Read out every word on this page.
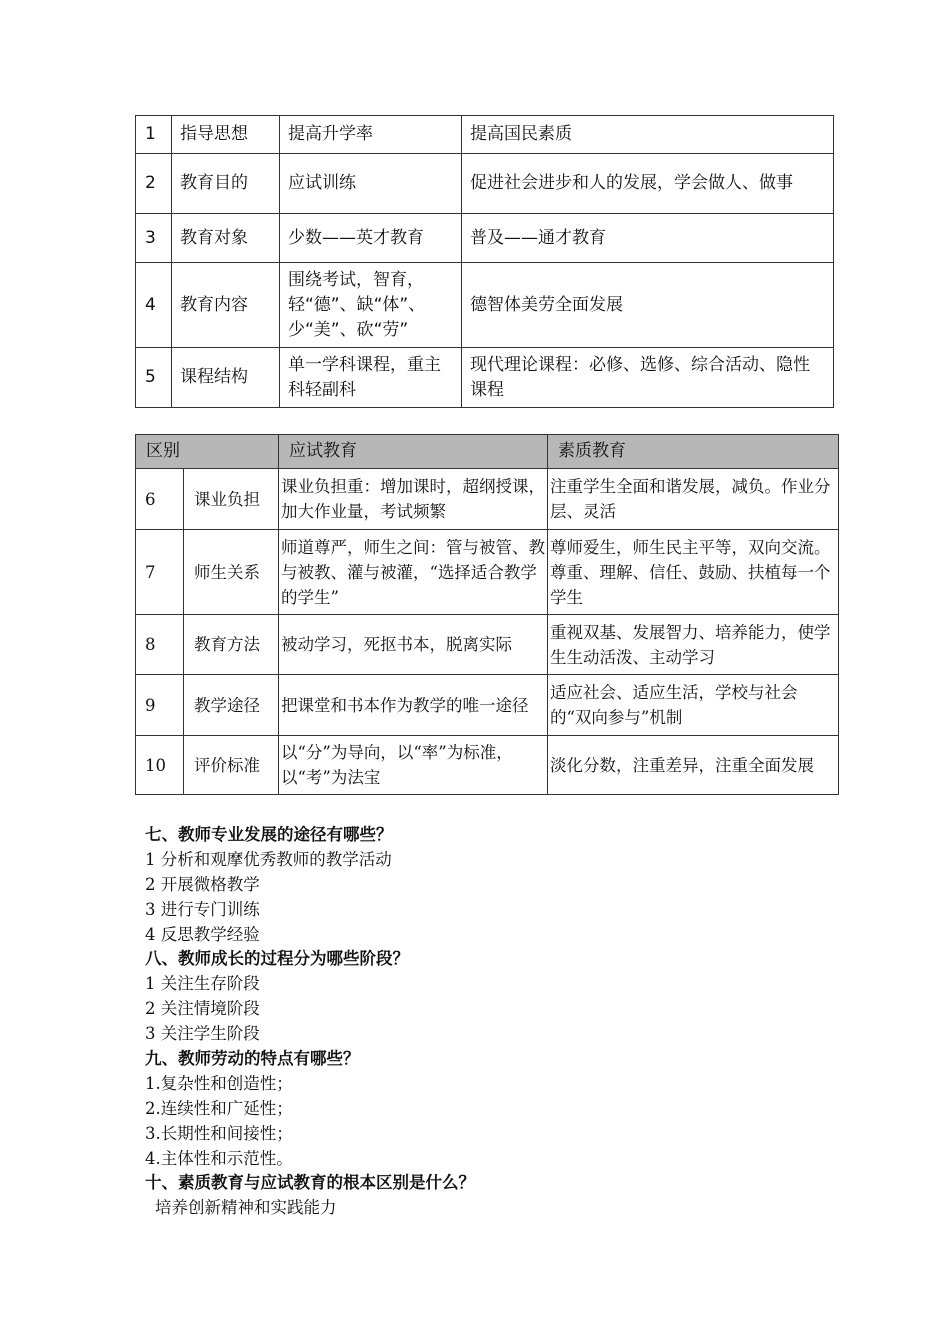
1	指导思想	提高升学率	提高国民素质
2	教育目的	应试训练	促进社会进步和人的发展，学会做人、做事
3	教育对象	少数——英才教育	普及——通才教育
4	教育内容	围绕考试，智育，轻“德”、缺“体”、少“美”、砍“劳”	德智体美劳全面发展
5	课程结构	单一学科课程，重主科轻副科	现代理论课程：必修、选修、综合活动、隐性课程
区别		应试教育	素质教育
6	课业负担	课业负担重：增加课时，超纲授课，加大作业量，考试频繁	注重学生全面和谐发展，减负。作业分层、灵活
7	师生关系	师道尊严，师生之间：管与被管、教与被教、灌与被灌，“选择适合教学的学生”	尊师爱生，师生民主平等，双向交流。尊重、理解、信任、鼓励、扶植每一个学生
8	教育方法	被动学习，死抠书本，脱离实际	重视双基、发展智力、培养能力，使学生生动活泼、主动学习
9	教学途径	把课堂和书本作为教学的唯一途径	适应社会、适应生活，学校与社会的“双向参与”机制
10	评价标准	以“分”为导向，以“率”为标准，以“考”为法宝	淡化分数，注重差异，注重全面发展
七、教师专业发展的途径有哪些？
1 分析和观摩优秀教师的教学活动
2 开展微格教学
3 进行专门训练
4 反思教学经验
八、教师成长的过程分为哪些阶段？
1 关注生存阶段
2 关注情境阶段
3 关注学生阶段
九、教师劳动的特点有哪些？
1.复杂性和创造性；
2.连续性和广延性；
3.长期性和间接性；
4.主体性和示范性。
十、素质教育与应试教育的根本区别是什么？
培养创新精神和实践能力
